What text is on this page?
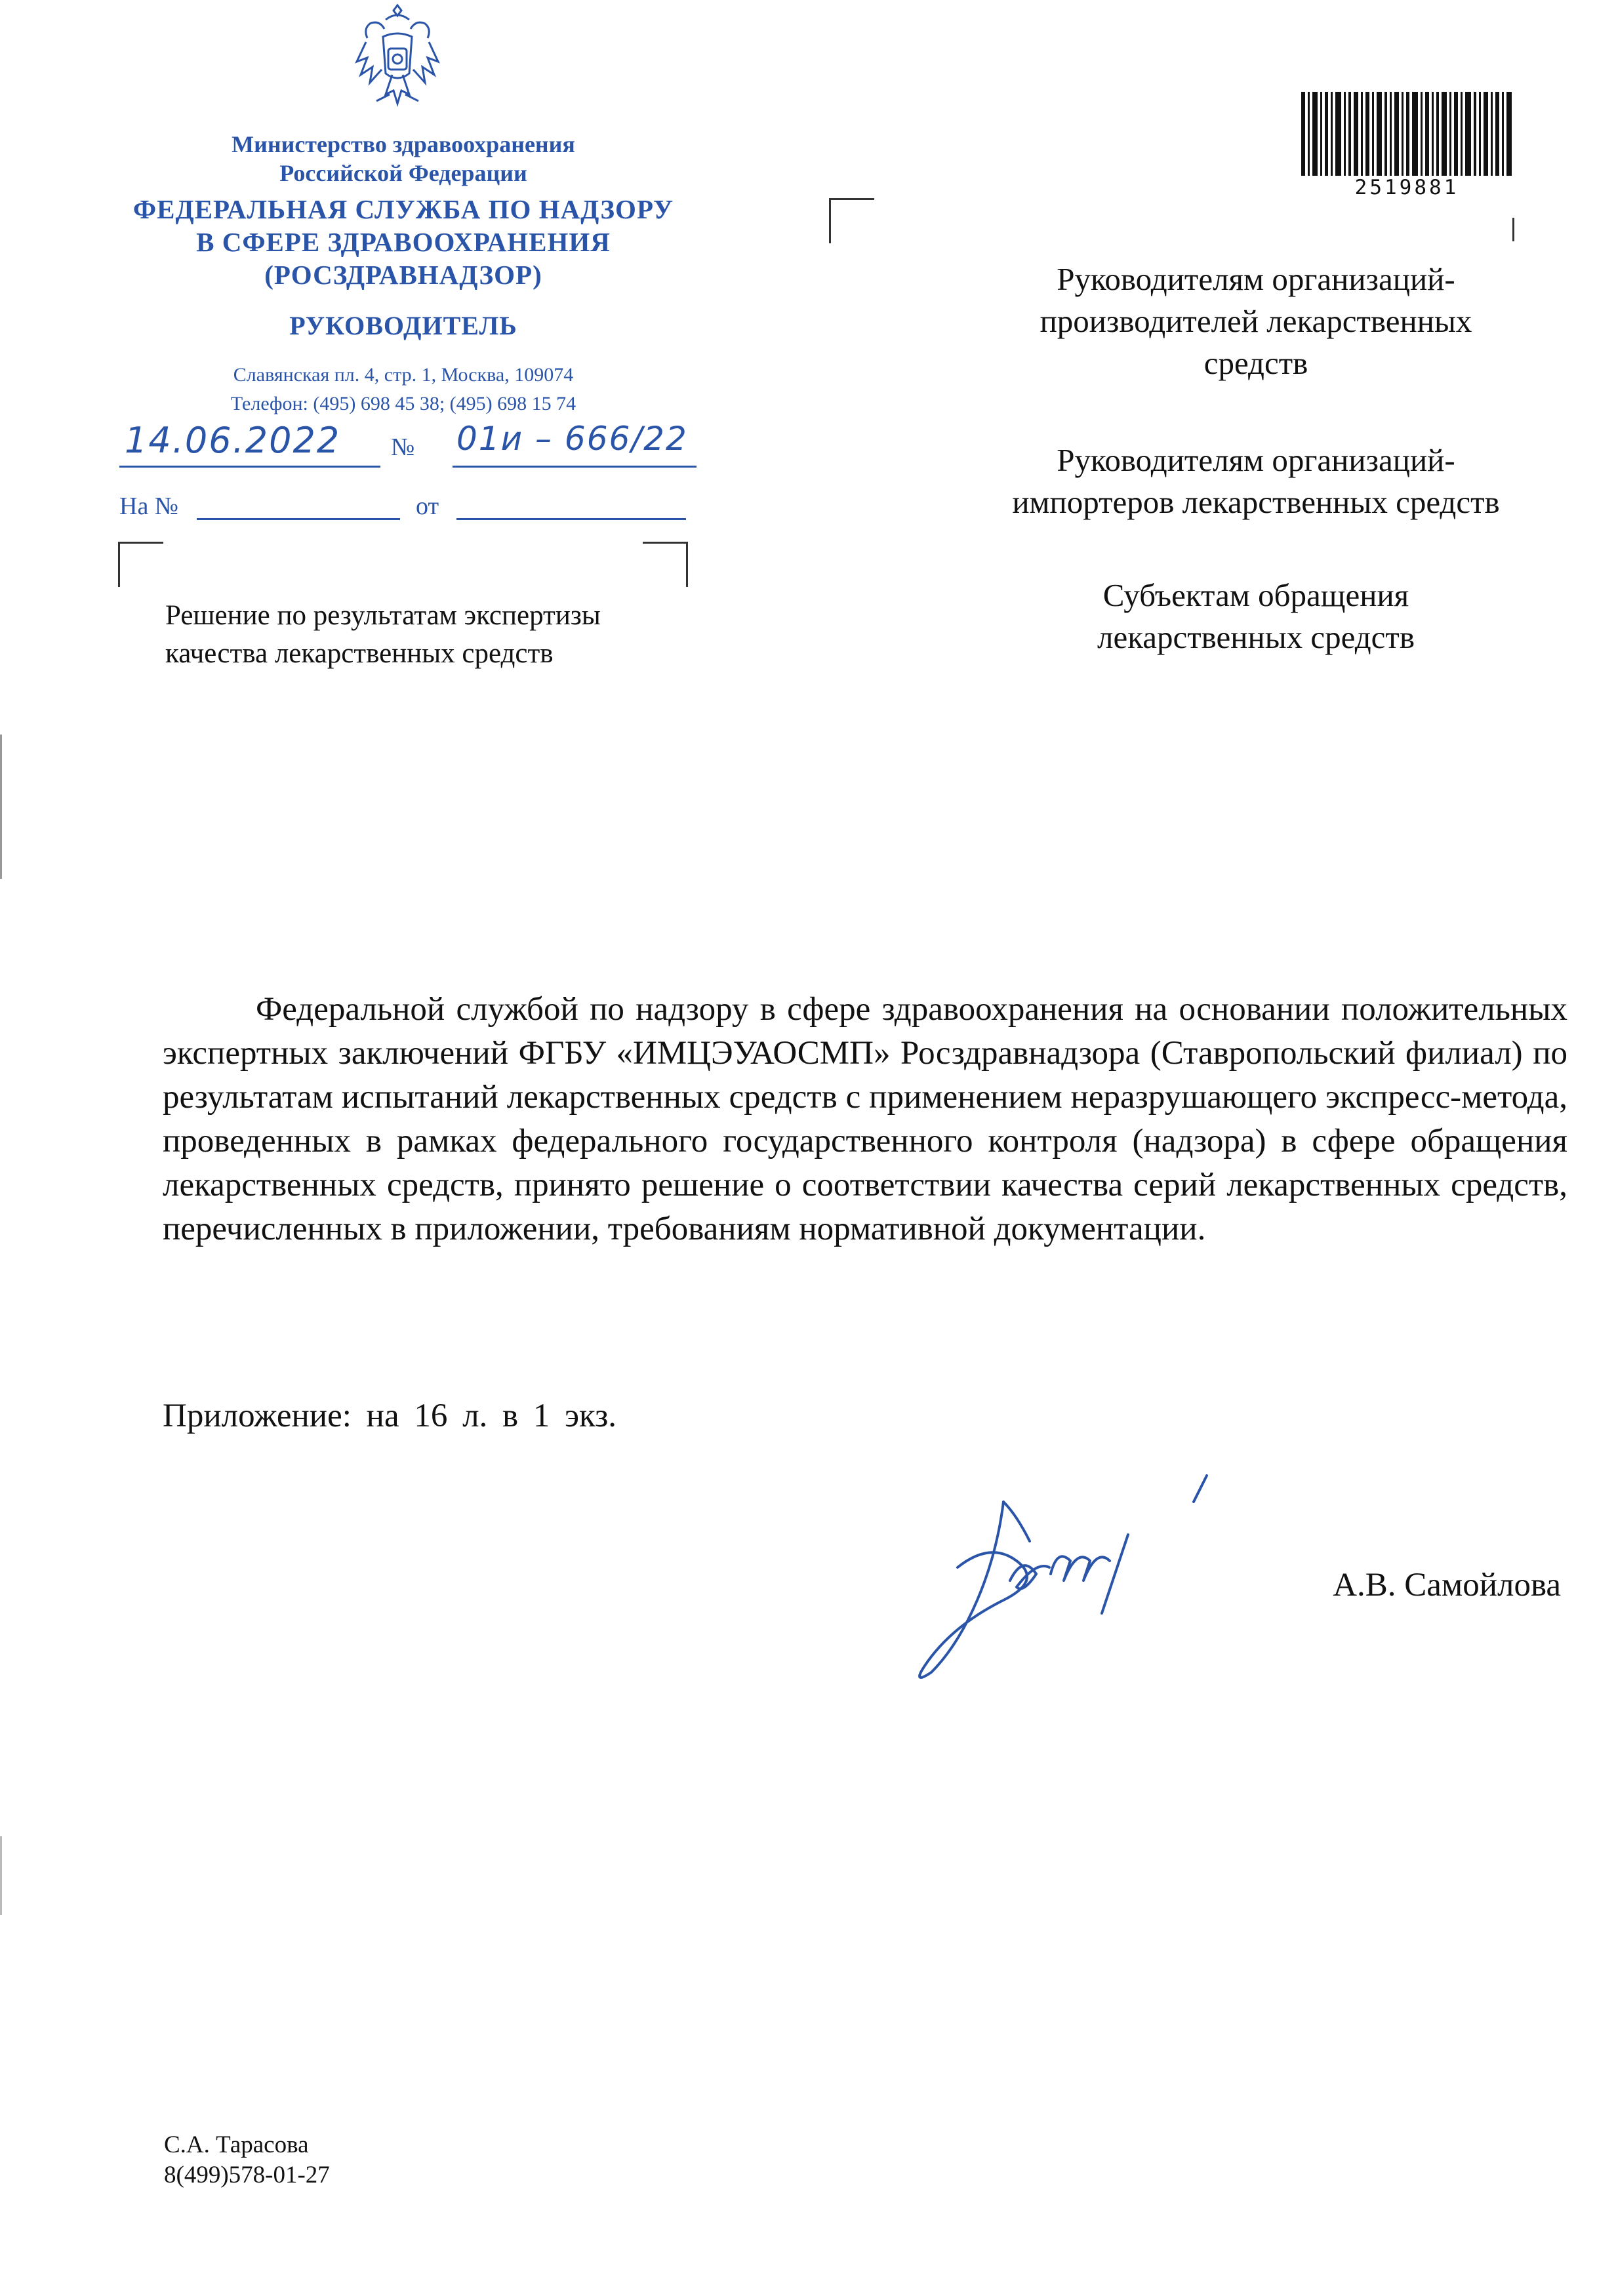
Министерство здравоохранения
Российской Федерации
ФЕДЕРАЛЬНАЯ СЛУЖБА ПО НАДЗОРУ
В СФЕРЕ ЗДРАВООХРАНЕНИЯ
(РОСЗДРАВНАДЗОР)
РУКОВОДИТЕЛЬ
Славянская пл. 4, стр. 1, Москва, 109074
Телефон: (495) 698 45 38; (495) 698 15 74
14.06.2022 № 01и – 666/22
На №	от
Решение по результатам экспертизы
качества лекарственных средств
2519881
Руководителям организаций-
производителей лекарственных
средств
Руководителям организаций-
импортеров лекарственных средств
Субъектам обращения
лекарственных средств
Федеральной службой по надзору в сфере здравоохранения на основании положительных экспертных заключений ФГБУ «ИМЦЭУАОСМП» Росздравнадзора (Ставропольский филиал) по результатам испытаний лекарственных средств с применением неразрушающего экспресс-метода, проведенных в рамках федерального государственного контроля (надзора) в сфере обращения лекарственных средств, принято решение о соответствии качества серий лекарственных средств, перечисленных в приложении, требованиям нормативной документации.
Приложение: на 16 л. в 1 экз.
А.В. Самойлова
С.А. Тарасова
8(499)578-01-27
